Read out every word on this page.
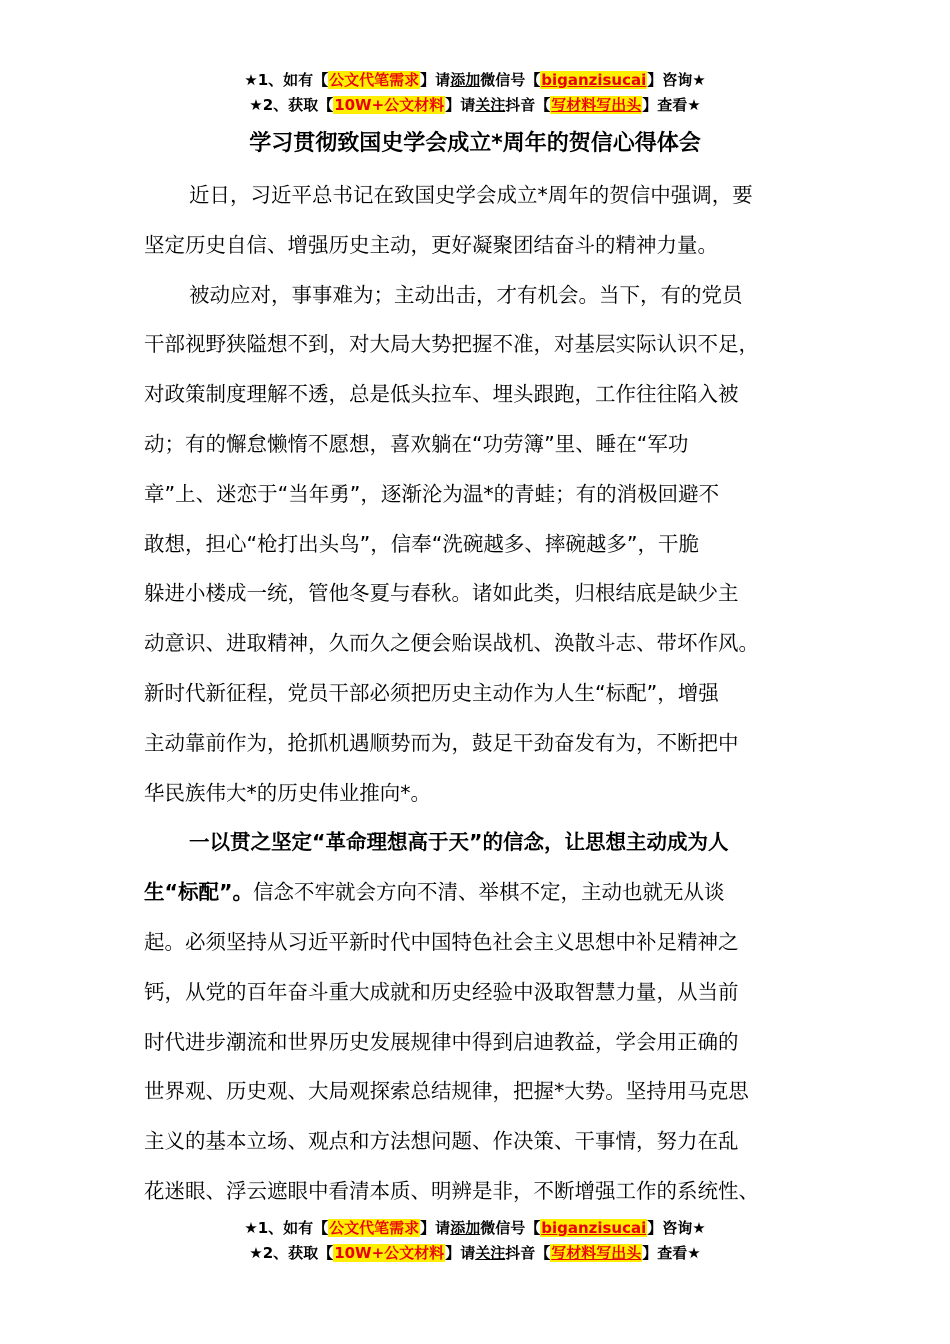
★1、如有【公文代笔需求】请添加微信号【biganzisucai】咨询★
★2、获取【10W+公文材料】请关注抖音【写材料写出头】查看★
学习贯彻致国史学会成立*周年的贺信心得体会
近日，习近平总书记在致国史学会成立*周年的贺信中强调，要
坚定历史自信、增强历史主动，更好凝聚团结奋斗的精神力量。
被动应对，事事难为；主动出击，才有机会。当下，有的党员
干部视野狭隘想不到，对大局大势把握不准，对基层实际认识不足，
对政策制度理解不透，总是低头拉车、埋头跟跑，工作往往陷入被
动；有的懈怠懒惰不愿想，喜欢躺在“功劳簿”里、睡在“军功
章”上、迷恋于“当年勇”，逐渐沦为温*的青蛙；有的消极回避不
敢想，担心“枪打出头鸟”，信奉“洗碗越多、摔碗越多”，干脆
躲进小楼成一统，管他冬夏与春秋。诸如此类，归根结底是缺少主
动意识、进取精神，久而久之便会贻误战机、涣散斗志、带坏作风。
新时代新征程，党员干部必须把历史主动作为人生“标配”，增强
主动靠前作为，抢抓机遇顺势而为，鼓足干劲奋发有为，不断把中
华民族伟大*的历史伟业推向*。
一以贯之坚定“革命理想高于天”的信念，让思想主动成为人
生“标配”。信念不牢就会方向不清、举棋不定，主动也就无从谈
起。必须坚持从习近平新时代中国特色社会主义思想中补足精神之
钙，从党的百年奋斗重大成就和历史经验中汲取智慧力量，从当前
时代进步潮流和世界历史发展规律中得到启迪教益，学会用正确的
世界观、历史观、大局观探索总结规律，把握*大势。坚持用马克思
主义的基本立场、观点和方法想问题、作决策、干事情，努力在乱
花迷眼、浮云遮眼中看清本质、明辨是非，不断增强工作的系统性、
★1、如有【公文代笔需求】请添加微信号【biganzisucai】咨询★
★2、获取【10W+公文材料】请关注抖音【写材料写出头】查看★
